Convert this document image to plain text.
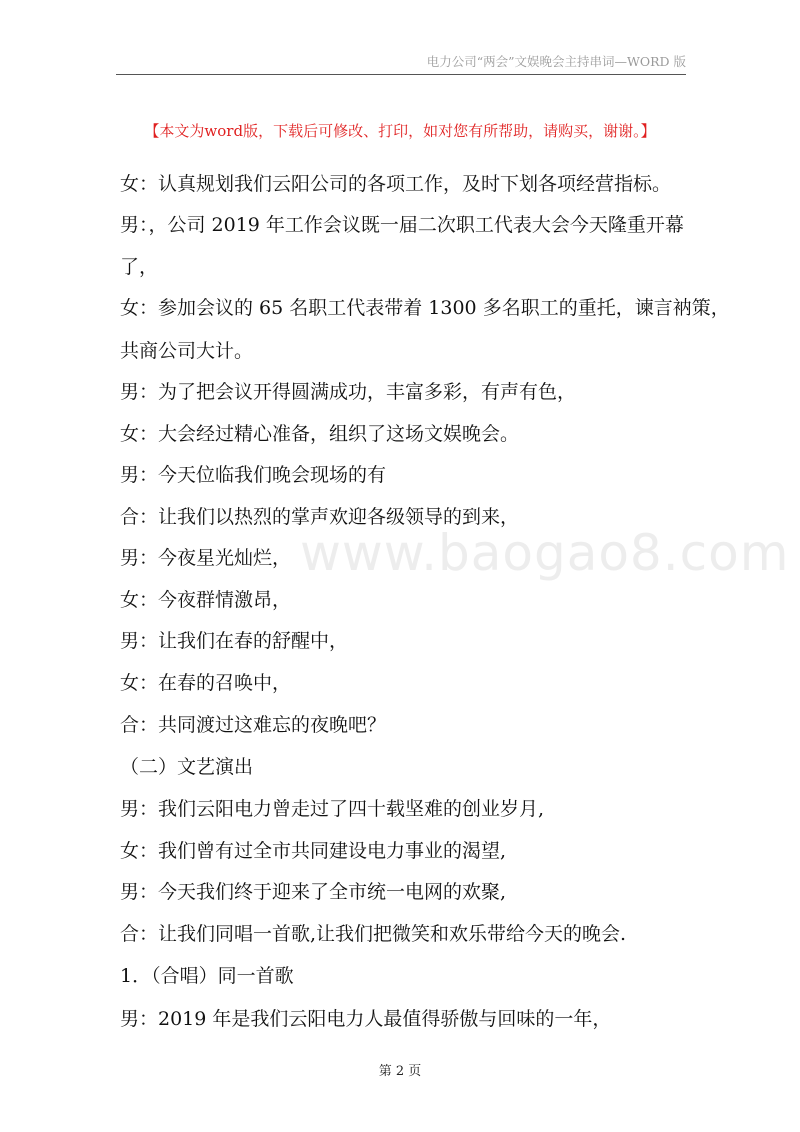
电力公司“两会”文娱晚会主持串词—WORD 版
【本文为word版，下载后可修改、打印，如对您有所帮助，请购买，谢谢。】
www.baogao8.com
女：认真规划我们云阳公司的各项工作，及时下划各项经营指标。
男：，公司 2019 年工作会议既一届二次职工代表大会今天隆重开幕
了，
女：参加会议的 65 名职工代表带着 1300 多名职工的重托，谏言衲策，
共商公司大计。
男：为了把会议开得圆满成功，丰富多彩，有声有色，
女：大会经过精心准备，组织了这场文娱晚会。
男：今天位临我们晚会现场的有
合：让我们以热烈的掌声欢迎各级领导的到来，
男：今夜星光灿烂，
女：今夜群情激昂，
男：让我们在春的舒醒中，
女：在春的召唤中，
合：共同渡过这难忘的夜晚吧？
（二）文艺演出
男：我们云阳电力曾走过了四十载坚难的创业岁月,
女：我们曾有过全市共同建设电力事业的渴望,
男：今天我们终于迎来了全市统一电网的欢聚,
合：让我们同唱一首歌,让我们把微笑和欢乐带给今天的晚会.
1．（合唱）同一首歌
男：2019 年是我们云阳电力人最值得骄傲与回味的一年，
第 2 页
